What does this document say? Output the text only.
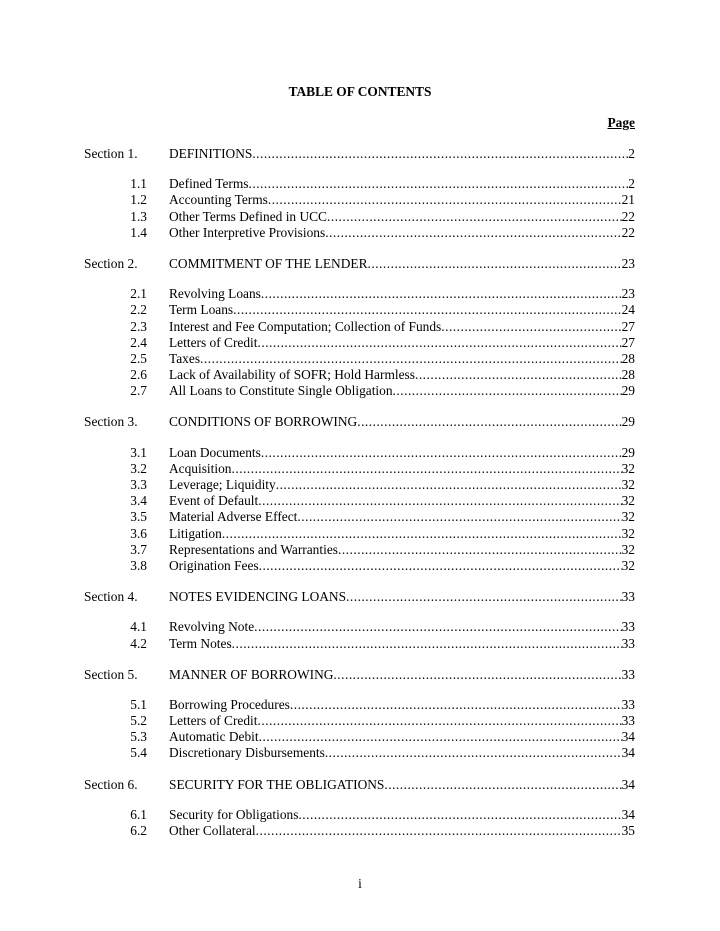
TABLE OF CONTENTS
Page
Section 1. DEFINITIONS .....	2
1.1 Defined Terms .....	2
1.2 Accounting Terms .....	21
1.3 Other Terms Defined in UCC .....	22
1.4 Other Interpretive Provisions .....	22
Section 2. COMMITMENT OF THE LENDER .....	23
2.1 Revolving Loans .....	23
2.2 Term Loans .....	24
2.3 Interest and Fee Computation; Collection of Funds .....	27
2.4 Letters of Credit .....	27
2.5 Taxes .....	28
2.6 Lack of Availability of SOFR; Hold Harmless .....	28
2.7 All Loans to Constitute Single Obligation .....	29
Section 3. CONDITIONS OF BORROWING .....	29
3.1 Loan Documents .....	29
3.2 Acquisition .....	32
3.3 Leverage; Liquidity .....	32
3.4 Event of Default .....	32
3.5 Material Adverse Effect .....	32
3.6 Litigation .....	32
3.7 Representations and Warranties .....	32
3.8 Origination Fees .....	32
Section 4. NOTES EVIDENCING LOANS .....	33
4.1 Revolving Note .....	33
4.2 Term Notes .....	33
Section 5. MANNER OF BORROWING .....	33
5.1 Borrowing Procedures .....	33
5.2 Letters of Credit .....	33
5.3 Automatic Debit .....	34
5.4 Discretionary Disbursements .....	34
Section 6. SECURITY FOR THE OBLIGATIONS .....	34
6.1 Security for Obligations .....	34
6.2 Other Collateral .....	35
i
